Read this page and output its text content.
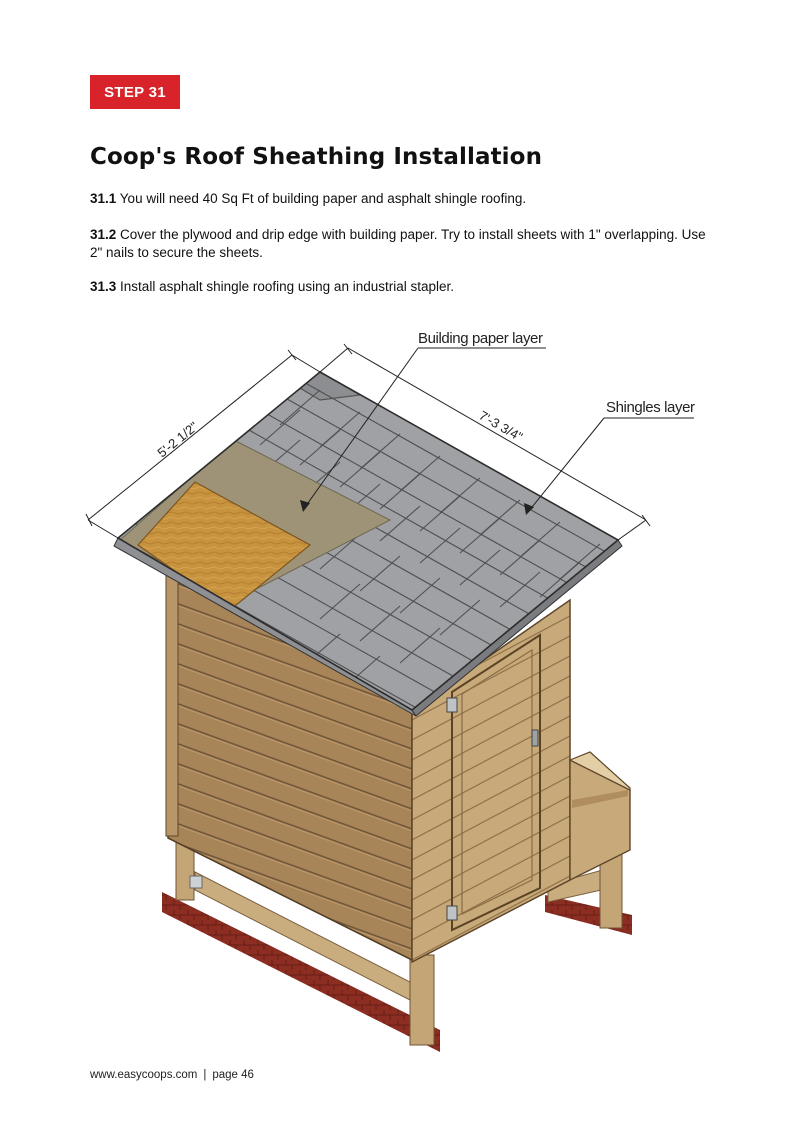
STEP 31
Coop's Roof Sheathing Installation

31.1 You will need 40 Sq Ft of building paper and asphalt shingle roofing.

31.2 Cover the plywood and drip edge with building paper. Try to install sheets with 1" overlapping. Use 2" nails to secure the sheets.

31.3 Install asphalt shingle roofing using an industrial stapler.

5'-2 1/2"	7'-3 3/4"
Building paper layer
Shingles layer
www.easycoops.com | page 46
